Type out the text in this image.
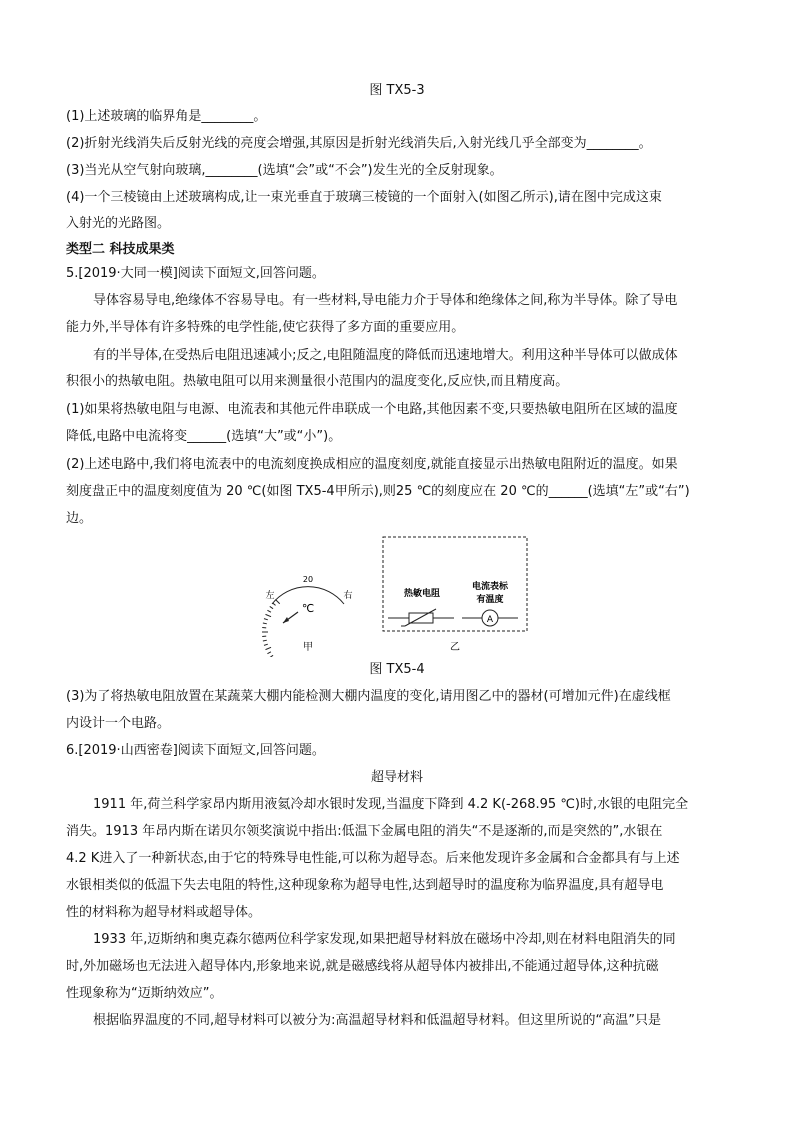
图 TX5-3
(1)上述玻璃的临界角是________。
(2)折射光线消失后反射光线的亮度会增强,其原因是折射光线消失后,入射光线几乎全部变为________。
(3)当光从空气射向玻璃,________(选填“会”或“不会”)发生光的全反射现象。
(4)一个三棱镜由上述玻璃构成,让一束光垂直于玻璃三棱镜的一个面射入(如图乙所示),请在图中完成这束
入射光的光路图。
类型二 科技成果类
5.[2019·大同一模]阅读下面短文,回答问题。
导体容易导电,绝缘体不容易导电。有一些材料,导电能力介于导体和绝缘体之间,称为半导体。除了导电
能力外,半导体有许多特殊的电学性能,使它获得了多方面的重要应用。
有的半导体,在受热后电阻迅速减小;反之,电阻随温度的降低而迅速地增大。利用这种半导体可以做成体
积很小的热敏电阻。热敏电阻可以用来测量很小范围内的温度变化,反应快,而且精度高。
(1)如果将热敏电阻与电源、电流表和其他元件串联成一个电路,其他因素不变,只要热敏电阻所在区域的温度
降低,电路中电流将变______(选填“大”或“小”)。
(2)上述电路中,我们将电流表中的电流刻度换成相应的温度刻度,就能直接显示出热敏电阻附近的温度。如果
刻度盘正中的温度刻度值为 20 ℃(如图 TX5-4甲所示),则25 ℃的刻度应在 20 ℃的______(选填“左”或“右”)
边。
20
左	右
℃
甲
热敏电阻
电流表标
有温度
A
乙
图 TX5-4
(3)为了将热敏电阻放置在某蔬菜大棚内能检测大棚内温度的变化,请用图乙中的器材(可增加元件)在虚线框
内设计一个电路。
6.[2019·山西密卷]阅读下面短文,回答问题。
超导材料
1911 年,荷兰科学家昂内斯用液氦冷却水银时发现,当温度下降到 4.2 K(-268.95 ℃)时,水银的电阻完全
消失。1913 年昂内斯在诺贝尔领奖演说中指出:低温下金属电阻的消失“不是逐渐的,而是突然的”,水银在
4.2 K进入了一种新状态,由于它的特殊导电性能,可以称为超导态。后来他发现许多金属和合金都具有与上述
水银相类似的低温下失去电阻的特性,这种现象称为超导电性,达到超导时的温度称为临界温度,具有超导电
性的材料称为超导材料或超导体。
1933 年,迈斯纳和奥克森尔德两位科学家发现,如果把超导材料放在磁场中冷却,则在材料电阻消失的同
时,外加磁场也无法进入超导体内,形象地来说,就是磁感线将从超导体内被排出,不能通过超导体,这种抗磁
性现象称为“迈斯纳效应”。
根据临界温度的不同,超导材料可以被分为:高温超导材料和低温超导材料。但这里所说的“高温”只是
